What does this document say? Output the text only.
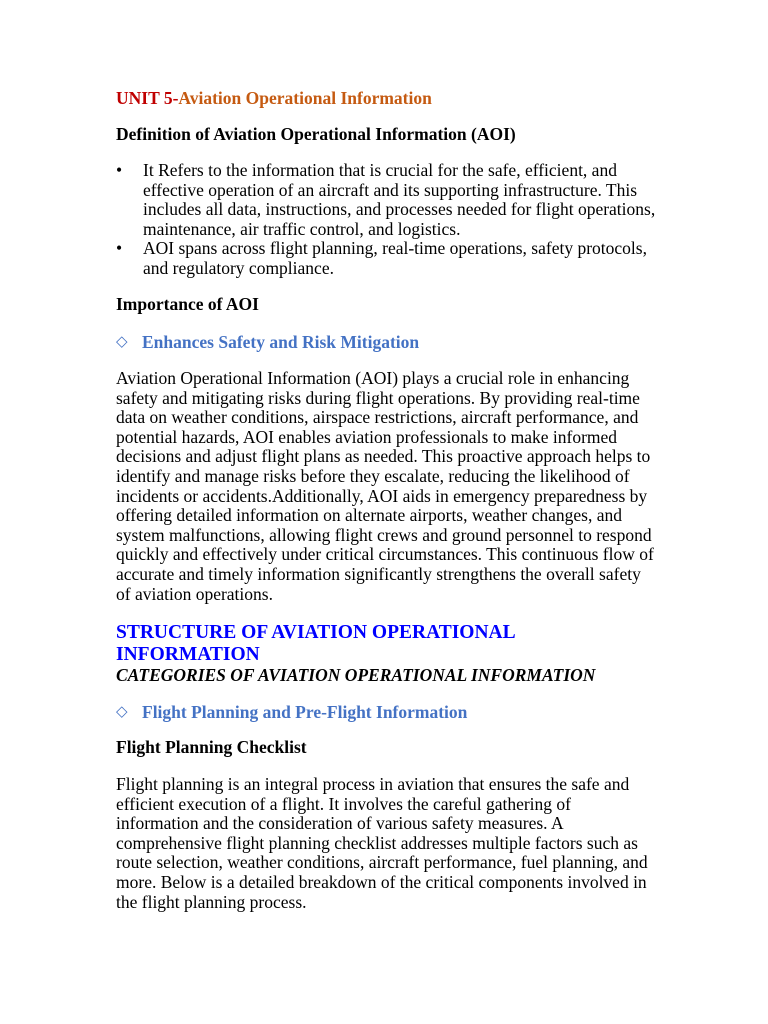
UNIT 5-Aviation Operational Information

Definition of Aviation Operational Information (AOI)

• It Refers to the information that is crucial for the safe, efficient, and effective operation of an aircraft and its supporting infrastructure. This includes all data, instructions, and processes needed for flight operations, maintenance, air traffic control, and logistics.
• AOI spans across flight planning, real-time operations, safety protocols, and regulatory compliance.

Importance of AOI

◇ Enhances Safety and Risk Mitigation

Aviation Operational Information (AOI) plays a crucial role in enhancing safety and mitigating risks during flight operations. By providing real-time data on weather conditions, airspace restrictions, aircraft performance, and potential hazards, AOI enables aviation professionals to make informed decisions and adjust flight plans as needed. This proactive approach helps to identify and manage risks before they escalate, reducing the likelihood of incidents or accidents.Additionally, AOI aids in emergency preparedness by offering detailed information on alternate airports, weather changes, and system malfunctions, allowing flight crews and ground personnel to respond quickly and effectively under critical circumstances. This continuous flow of accurate and timely information significantly strengthens the overall safety of aviation operations.

STRUCTURE OF AVIATION OPERATIONAL INFORMATION

CATEGORIES OF AVIATION OPERATIONAL INFORMATION

◇ Flight Planning and Pre-Flight Information

Flight Planning Checklist

Flight planning is an integral process in aviation that ensures the safe and efficient execution of a flight. It involves the careful gathering of information and the consideration of various safety measures. A comprehensive flight planning checklist addresses multiple factors such as route selection, weather conditions, aircraft performance, fuel planning, and more. Below is a detailed breakdown of the critical components involved in the flight planning process.
